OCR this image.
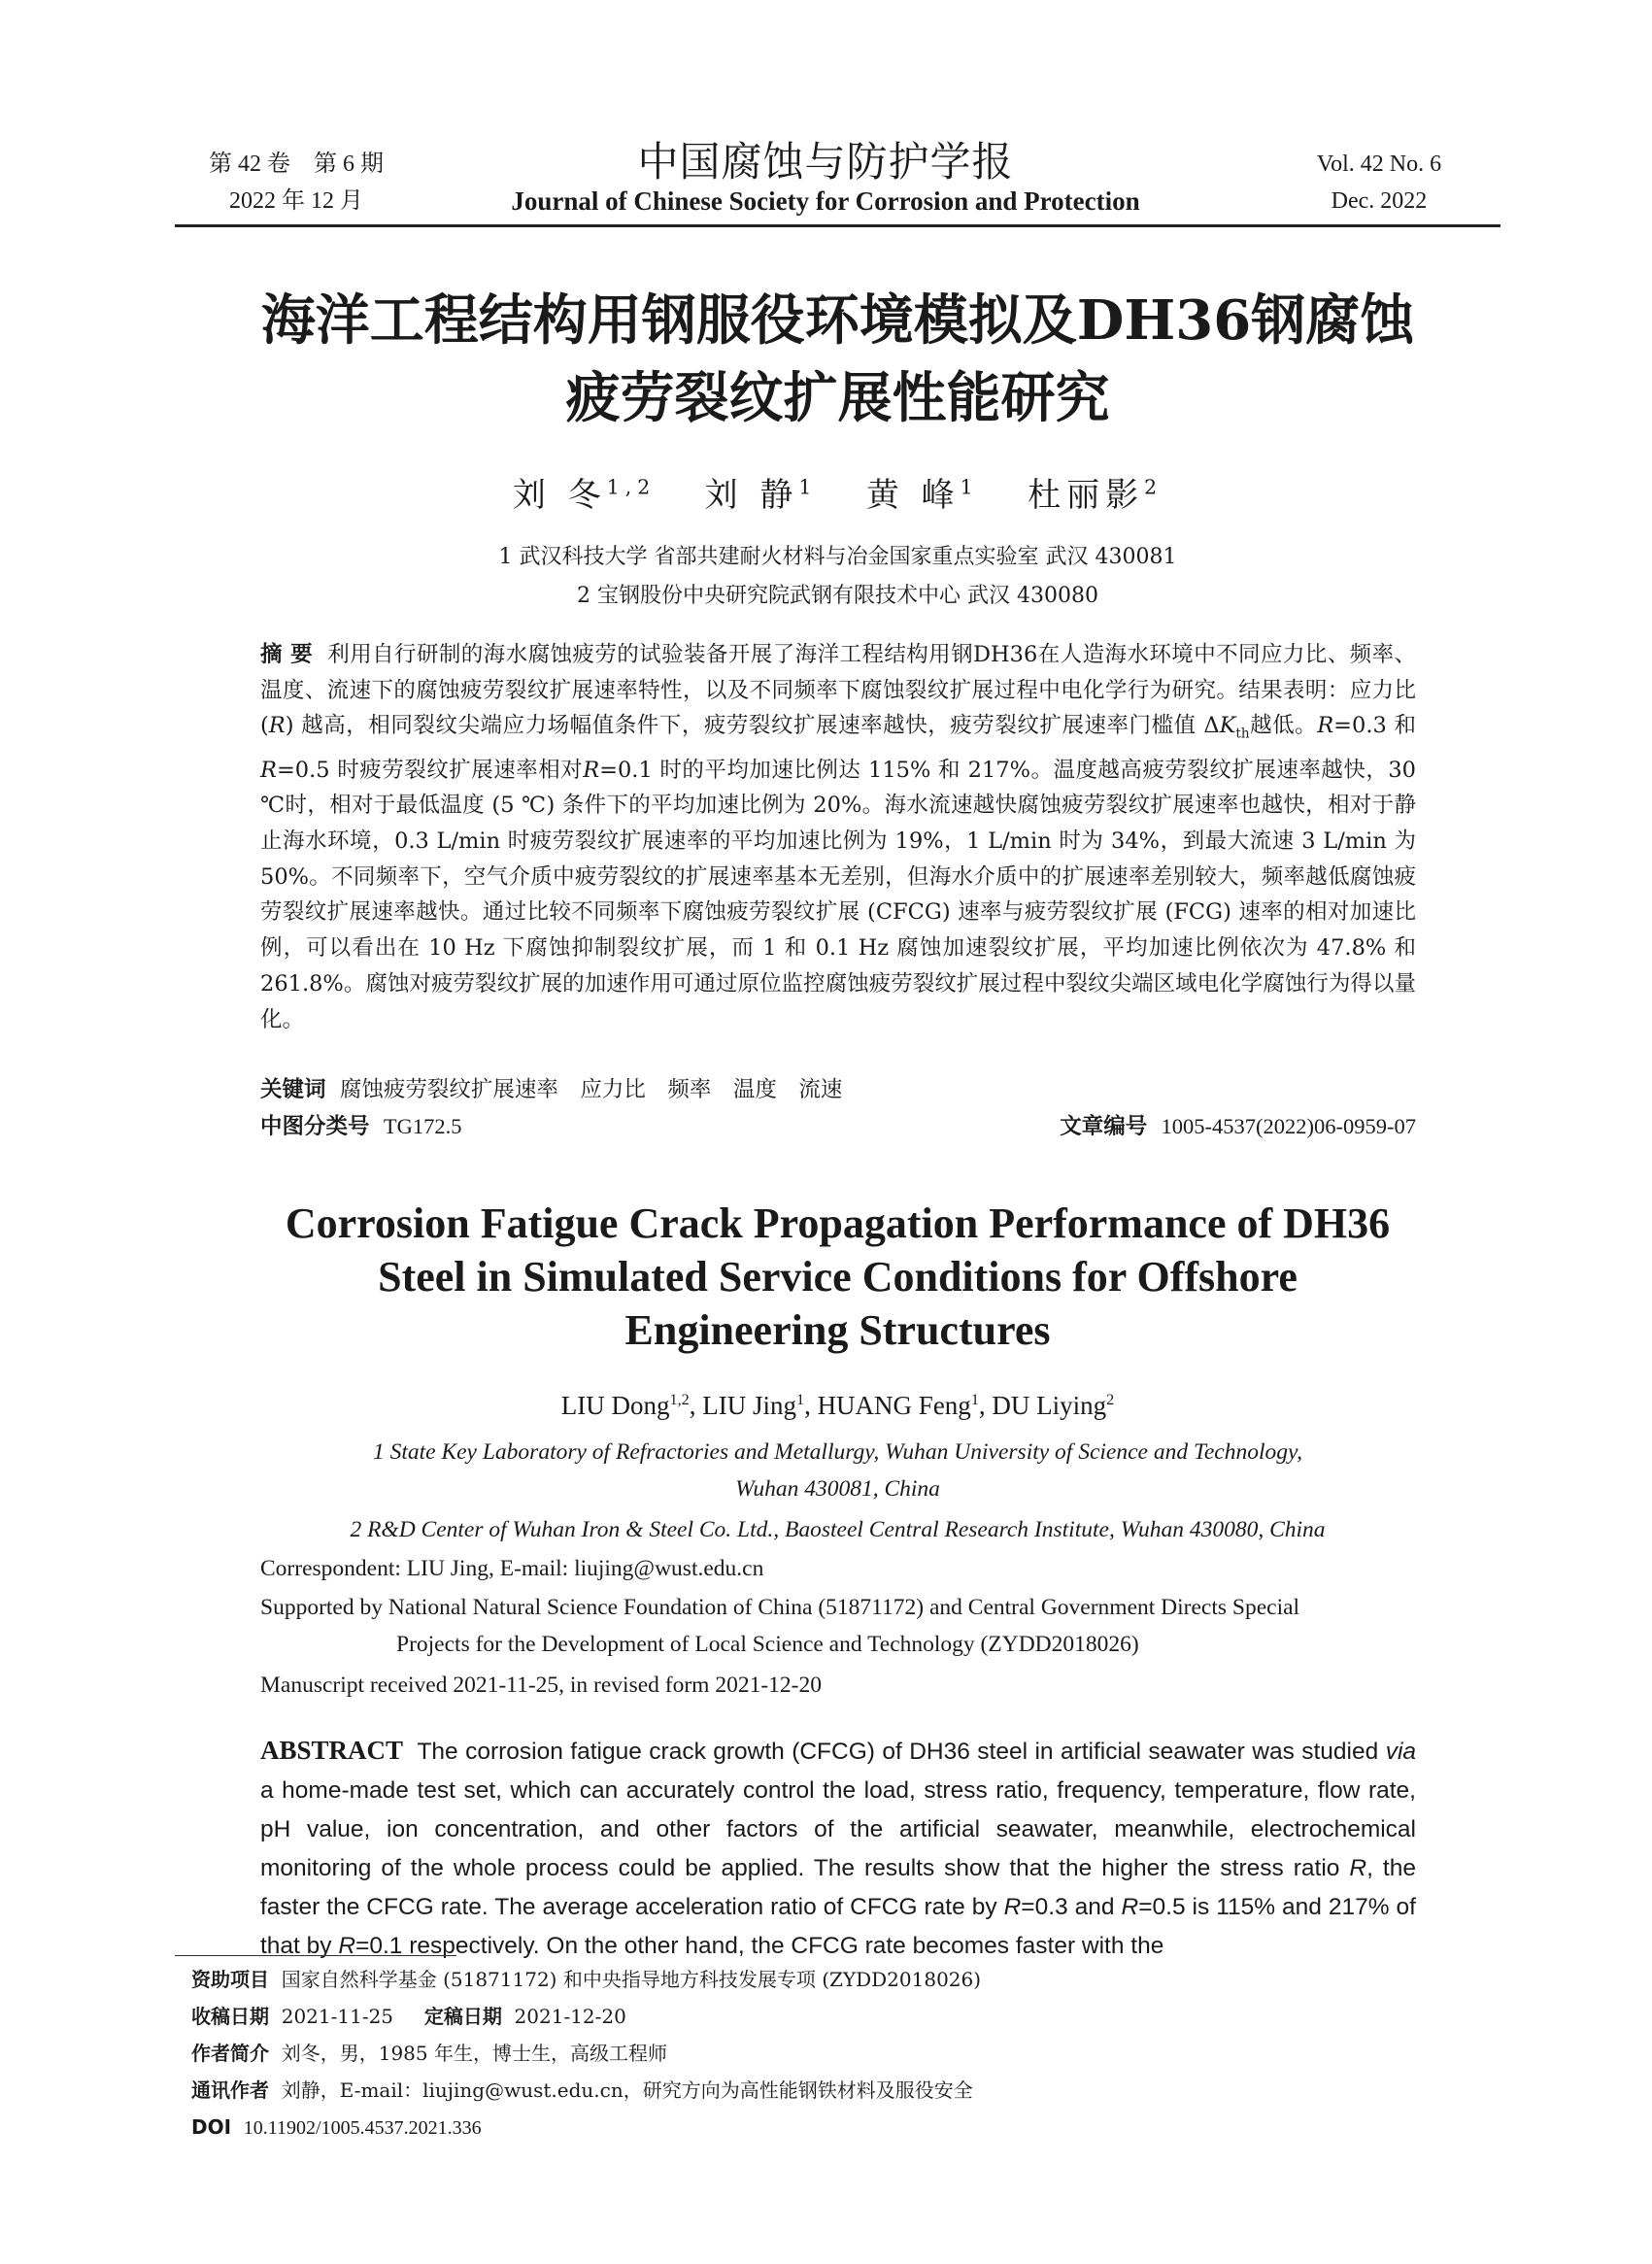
第 42 卷　第 6 期
2022 年 12 月
中国腐蚀与防护学报
Journal of Chinese Society for Corrosion and Protection
Vol. 42 No. 6
Dec. 2022
海洋工程结构用钢服役环境模拟及DH36钢腐蚀
疲劳裂纹扩展性能研究
刘 冬$^{1,2}$ 刘 静$^1$ 黄 峰$^1$ 杜丽影$^2$
1 武汉科技大学 省部共建耐火材料与冶金国家重点实验室 武汉 430081
2 宝钢股份中央研究院武钢有限技术中心 武汉 430080
摘 要 利用自行研制的海水腐蚀疲劳的试验装备开展了海洋工程结构用钢DH36在人造海水环境中不同应力比、频率、温度、流速下的腐蚀疲劳裂纹扩展速率特性，以及不同频率下腐蚀裂纹扩展过程中电化学行为研究。结果表明：应力比 (R) 越高，相同裂纹尖端应力场幅值条件下，疲劳裂纹扩展速率越快，疲劳裂纹扩展速率门槛值 $\Delta K_{th}$越低。R=0.3 和R=0.5 时疲劳裂纹扩展速率相对R=0.1 时的平均加速比例达 115% 和 217%。温度越高疲劳裂纹扩展速率越快，30 ℃时，相对于最低温度 (5 ℃) 条件下的平均加速比例为 20%。海水流速越快腐蚀疲劳裂纹扩展速率也越快，相对于静止海水环境，0.3 L/min 时疲劳裂纹扩展速率的平均加速比例为 19%，1 L/min 时为 34%，到最大流速 3 L/min 为 50%。不同频率下，空气介质中疲劳裂纹的扩展速率基本无差别，但海水介质中的扩展速率差别较大，频率越低腐蚀疲劳裂纹扩展速率越快。通过比较不同频率下腐蚀疲劳裂纹扩展 (CFCG) 速率与疲劳裂纹扩展 (FCG) 速率的相对加速比例，可以看出在 10 Hz 下腐蚀抑制裂纹扩展，而 1 和 0.1 Hz 腐蚀加速裂纹扩展，平均加速比例依次为 47.8% 和 261.8%。腐蚀对疲劳裂纹扩展的加速作用可通过原位监控腐蚀疲劳裂纹扩展过程中裂纹尖端区域电化学腐蚀行为得以量化。
关键词 腐蚀疲劳裂纹扩展速率　应力比　频率　温度　流速
中图分类号 TG172.5	文章编号 1005-4537(2022)06-0959-07
Corrosion Fatigue Crack Propagation Performance of DH36
Steel in Simulated Service Conditions for Offshore
Engineering Structures
LIU Dong$^{1,2}$, LIU Jing$^1$, HUANG Feng$^1$, DU Liying$^2$
1 State Key Laboratory of Refractories and Metallurgy, Wuhan University of Science and Technology,
Wuhan 430081, China
2 R&D Center of Wuhan Iron & Steel Co. Ltd., Baosteel Central Research Institute, Wuhan 430080, China
Correspondent: LIU Jing, E-mail: liujing@wust.edu.cn
Supported by National Natural Science Foundation of China (51871172) and Central Government Directs Special
Projects for the Development of Local Science and Technology (ZYDD2018026)
Manuscript received 2021-11-25, in revised form 2021-12-20
ABSTRACT The corrosion fatigue crack growth (CFCG) of DH36 steel in artificial seawater was studied via a home-made test set, which can accurately control the load, stress ratio, frequency, temperature, flow rate, pH value, ion concentration, and other factors of the artificial seawater, meanwhile, electrochemical monitoring of the whole process could be applied. The results show that the higher the stress ratio R, the faster the CFCG rate. The average acceleration ratio of CFCG rate by R=0.3 and R=0.5 is 115% and 217% of that by R=0.1 respectively. On the other hand, the CFCG rate becomes faster with the
资助项目 国家自然科学基金 (51871172) 和中央指导地方科技发展专项 (ZYDD2018026)
收稿日期 2021-11-25 定稿日期 2021-12-20
作者简介 刘冬，男，1985 年生，博士生，高级工程师
通讯作者 刘静，E-mail：liujing@wust.edu.cn，研究方向为高性能钢铁材料及服役安全
DOI 10.11902/1005.4537.2021.336
